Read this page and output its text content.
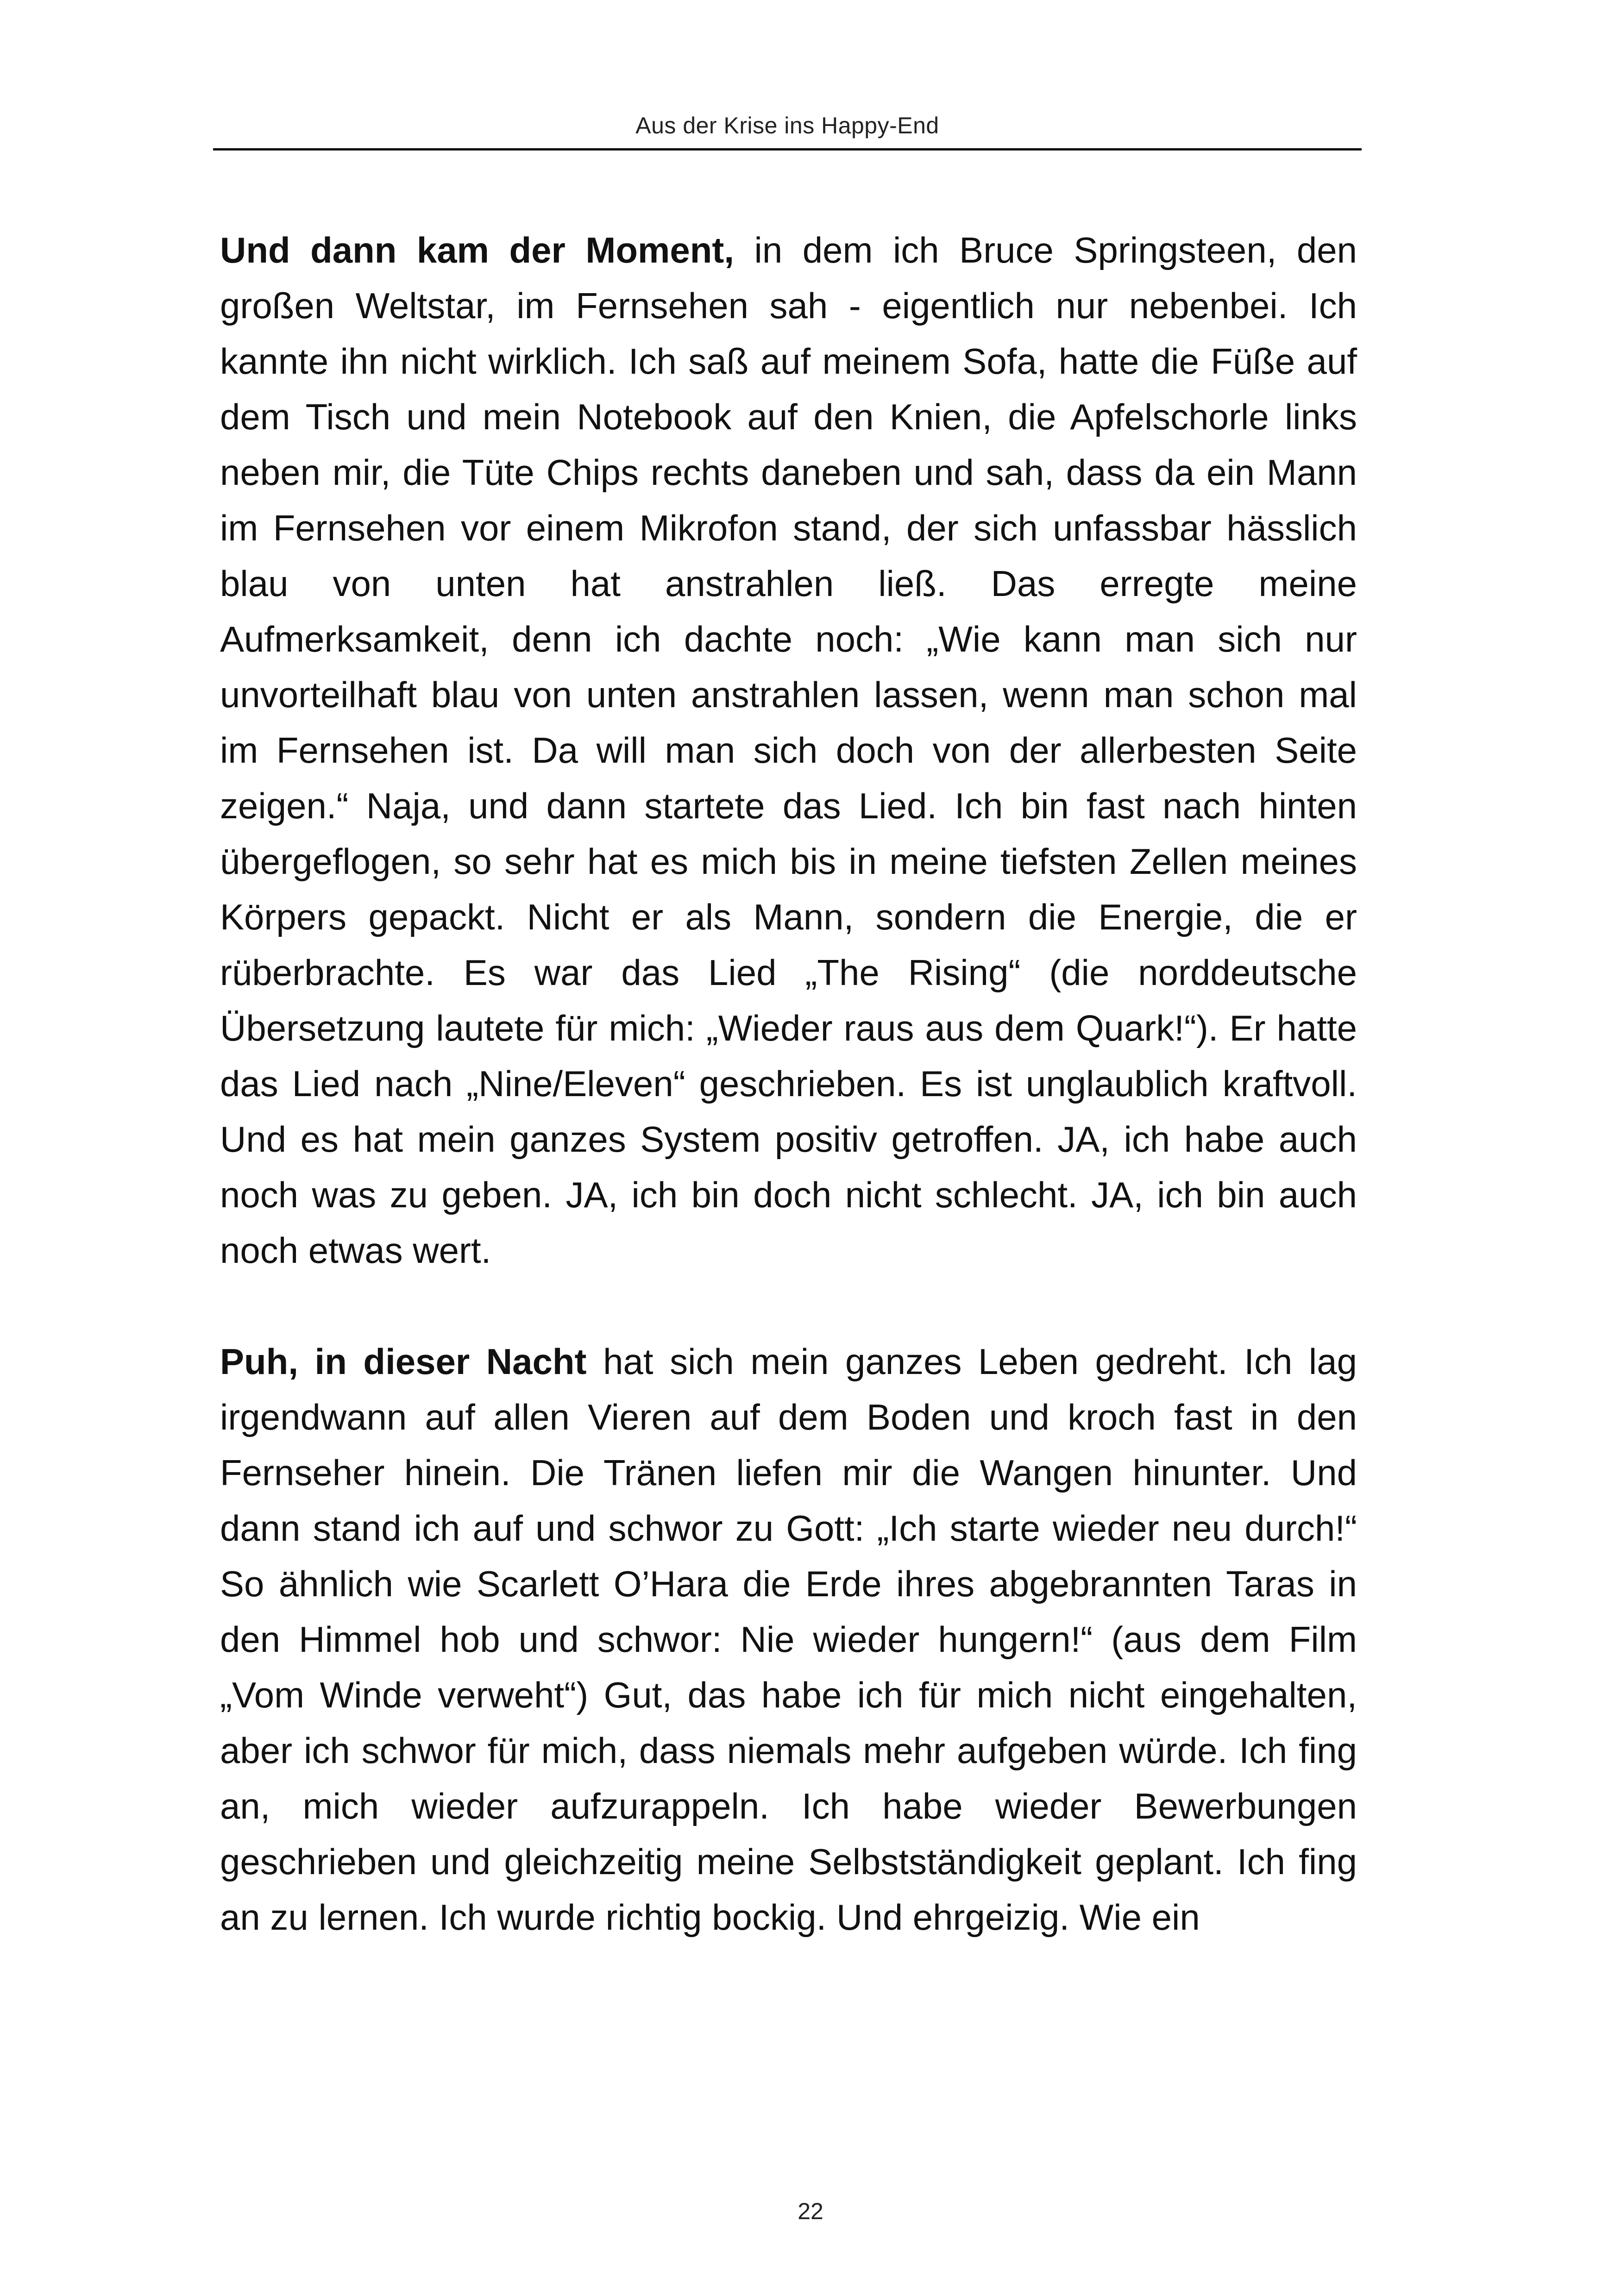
Aus der Krise ins Happy-End

Und dann kam der Moment, in dem ich Bruce Springsteen, den großen Weltstar, im Fernsehen sah - eigentlich nur nebenbei. Ich kannte ihn nicht wirklich. Ich saß auf meinem Sofa, hatte die Füße auf dem Tisch und mein Notebook auf den Knien, die Apfelschorle links neben mir, die Tüte Chips rechts daneben und sah, dass da ein Mann im Fernsehen vor einem Mikrofon stand, der sich unfassbar hässlich blau von unten hat anstrahlen ließ. Das erregte meine Aufmerksamkeit, denn ich dachte noch: „Wie kann man sich nur unvorteilhaft blau von unten anstrahlen lassen, wenn man schon mal im Fernsehen ist. Da will man sich doch von der allerbesten Seite zeigen.“ Naja, und dann startete das Lied. Ich bin fast nach hinten übergeflogen, so sehr hat es mich bis in meine tiefsten Zellen meines Körpers gepackt. Nicht er als Mann, sondern die Energie, die er rüberbrachte. Es war das Lied „The Rising“ (die norddeutsche Übersetzung lautete für mich: „Wieder raus aus dem Quark!“). Er hatte das Lied nach „Nine/Eleven“ geschrieben. Es ist unglaublich kraftvoll. Und es hat mein ganzes System positiv getroffen. JA, ich habe auch noch was zu geben. JA, ich bin doch nicht schlecht. JA, ich bin auch noch etwas wert.

Puh, in dieser Nacht hat sich mein ganzes Leben gedreht. Ich lag irgendwann auf allen Vieren auf dem Boden und kroch fast in den Fernseher hinein. Die Tränen liefen mir die Wangen hinunter. Und dann stand ich auf und schwor zu Gott: „Ich starte wieder neu durch!“ So ähnlich wie Scarlett O’Hara die Erde ihres abgebrannten Taras in den Himmel hob und schwor: Nie wieder hungern!“ (aus dem Film „Vom Winde verweht“) Gut, das habe ich für mich nicht eingehalten, aber ich schwor für mich, dass niemals mehr aufgeben würde. Ich fing an, mich wieder aufzurappeln. Ich habe wieder Bewerbungen geschrieben und gleichzeitig meine Selbstständigkeit geplant. Ich fing an zu lernen. Ich wurde richtig bockig. Und ehrgeizig. Wie ein

22
